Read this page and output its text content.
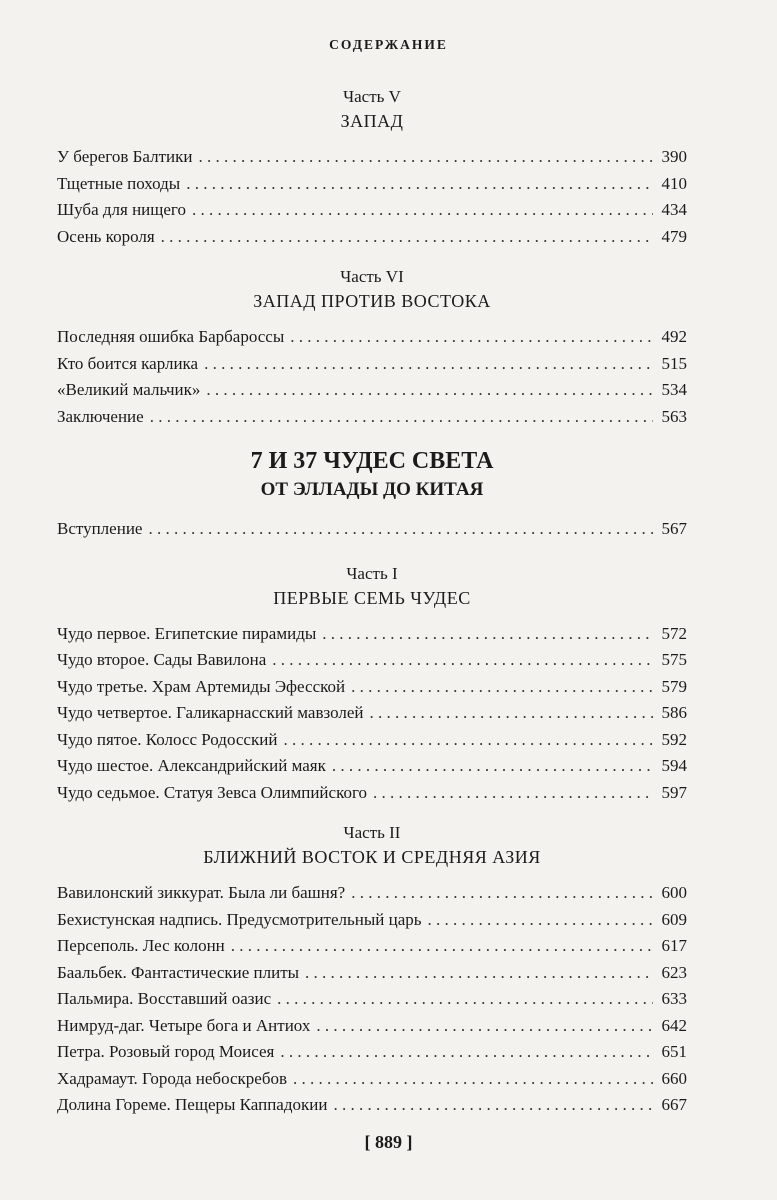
СОДЕРЖАНИЕ
Часть V
ЗАПАД
У берегов Балтики . . .	390
Тщетные походы . . .	410
Шуба для нищего . . .	434
Осень короля . . .	479
Часть VI
ЗАПАД ПРОТИВ ВОСТОКА
Последняя ошибка Барбароссы . . .	492
Кто боится карлика . . .	515
«Великий мальчик» . . .	534
Заключение . . .	563
7 И 37 ЧУДЕС СВЕТА
ОТ ЭЛЛАДЫ ДО КИТАЯ
Вступление . . .	567
Часть I
ПЕРВЫЕ СЕМЬ ЧУДЕС
Чудо первое. Египетские пирамиды . . .	572
Чудо второе. Сады Вавилона . . .	575
Чудо третье. Храм Артемиды Эфесской . . .	579
Чудо четвертое. Галикарнасский мавзолей . . .	586
Чудо пятое. Колосс Родосский . . .	592
Чудо шестое. Александрийский маяк . . .	594
Чудо седьмое. Статуя Зевса Олимпийского . . .	597
Часть II
БЛИЖНИЙ ВОСТОК И СРЕДНЯЯ АЗИЯ
Вавилонский зиккурат. Была ли башня? . . .	600
Бехистунская надпись. Предусмотрительный царь . . .	609
Персеполь. Лес колонн . . .	617
Баальбек. Фантастические плиты . . .	623
Пальмира. Восставший оазис . . .	633
Нимруд-даг. Четыре бога и Антиох . . .	642
Петра. Розовый город Моисея . . .	651
Хадрамаут. Города небоскребов . . .	660
Долина Гореме. Пещеры Каппадокии . . .	667
[ 889 ]
